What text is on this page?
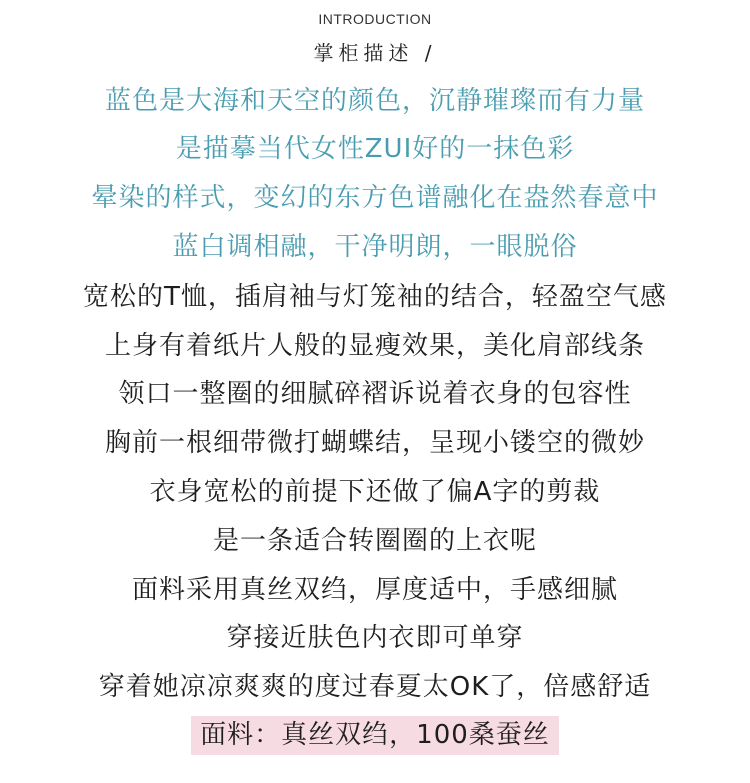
INTRODUCTION
掌柜描述 /
蓝色是大海和天空的颜色，沉静璀璨而有力量
是描摹当代女性ZUI好的一抹色彩
晕染的样式，变幻的东方色谱融化在盎然春意中
蓝白调相融，干净明朗，一眼脱俗
宽松的T恤，插肩袖与灯笼袖的结合，轻盈空气感
上身有着纸片人般的显瘦效果，美化肩部线条
领口一整圈的细腻碎褶诉说着衣身的包容性
胸前一根细带微打蝴蝶结，呈现小镂空的微妙
衣身宽松的前提下还做了偏A字的剪裁
是一条适合转圈圈的上衣呢
面料采用真丝双绉，厚度适中，手感细腻
穿接近肤色内衣即可单穿
穿着她凉凉爽爽的度过春夏太OK了，倍感舒适
面料：真丝双绉，100桑蚕丝
